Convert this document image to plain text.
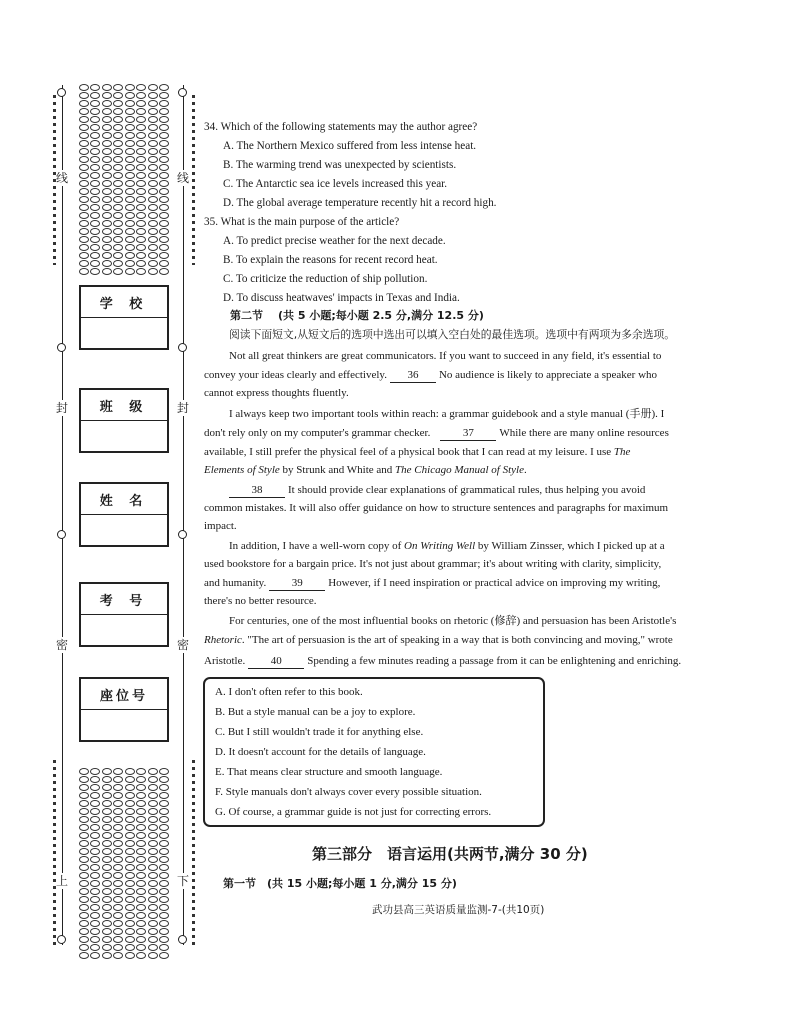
线
封
密
上
线
封
密
下
学 校
班 级
姓 名
考 号
座位号
34. Which of the following statements may the author agree?
A. The Northern Mexico suffered from less intense heat.
B. The warming trend was unexpected by scientists.
C. The Antarctic sea ice levels increased this year.
D. The global average temperature recently hit a record high.
35. What is the main purpose of the article?
A. To predict precise weather for the next decade.
B. To explain the reasons for recent record heat.
C. To criticize the reduction of ship pollution.
D. To discuss heatwaves' impacts in Texas and India.
第二节 (共 5 小题;每小题 2.5 分,满分 12.5 分)
阅读下面短文,从短文后的选项中选出可以填入空白处的最佳选项。选项中有两项为多余选项。
Not all great thinkers are great communicators. If you want to succeed in any field, it's essential to
convey your ideas clearly and effectively. 36 No audience is likely to appreciate a speaker who
cannot express thoughts fluently.
I always keep two important tools within reach: a grammar guidebook and a style manual (手册). I
don't rely only on my computer's grammar checker.	37 While there are many online resources
available, I still prefer the physical feel of a physical book that I can read at my leisure. I use The
Elements of Style by Strunk and White and The Chicago Manual of Style.
38 It should provide clear explanations of grammatical rules, thus helping you avoid
common mistakes. It will also offer guidance on how to structure sentences and paragraphs for maximum
impact.
In addition, I have a well-worn copy of On Writing Well by William Zinsser, which I picked up at a
used bookstore for a bargain price. It's not just about grammar; it's about writing with clarity, simplicity,
and humanity. 39 However, if I need inspiration or practical advice on improving my writing,
there's no better resource.
For centuries, one of the most influential books on rhetoric (修辞) and persuasion has been Aristotle's
Rhetoric. "The art of persuasion is the art of speaking in a way that is both convincing and moving," wrote
Aristotle. 40 Spending a few minutes reading a passage from it can be enlightening and enriching.
A. I don't often refer to this book.
B. But a style manual can be a joy to explore.
C. But I still wouldn't trade it for anything else.
D. It doesn't account for the details of language.
E. That means clear structure and smooth language.
F. Style manuals don't always cover every possible situation.
G. Of course, a grammar guide is not just for correcting errors.
第三部分　语言运用(共两节,满分 30 分)
第一节　(共 15 小题;每小题 1 分,满分 15 分)
武功县高三英语质量监测-7-(共10页)
